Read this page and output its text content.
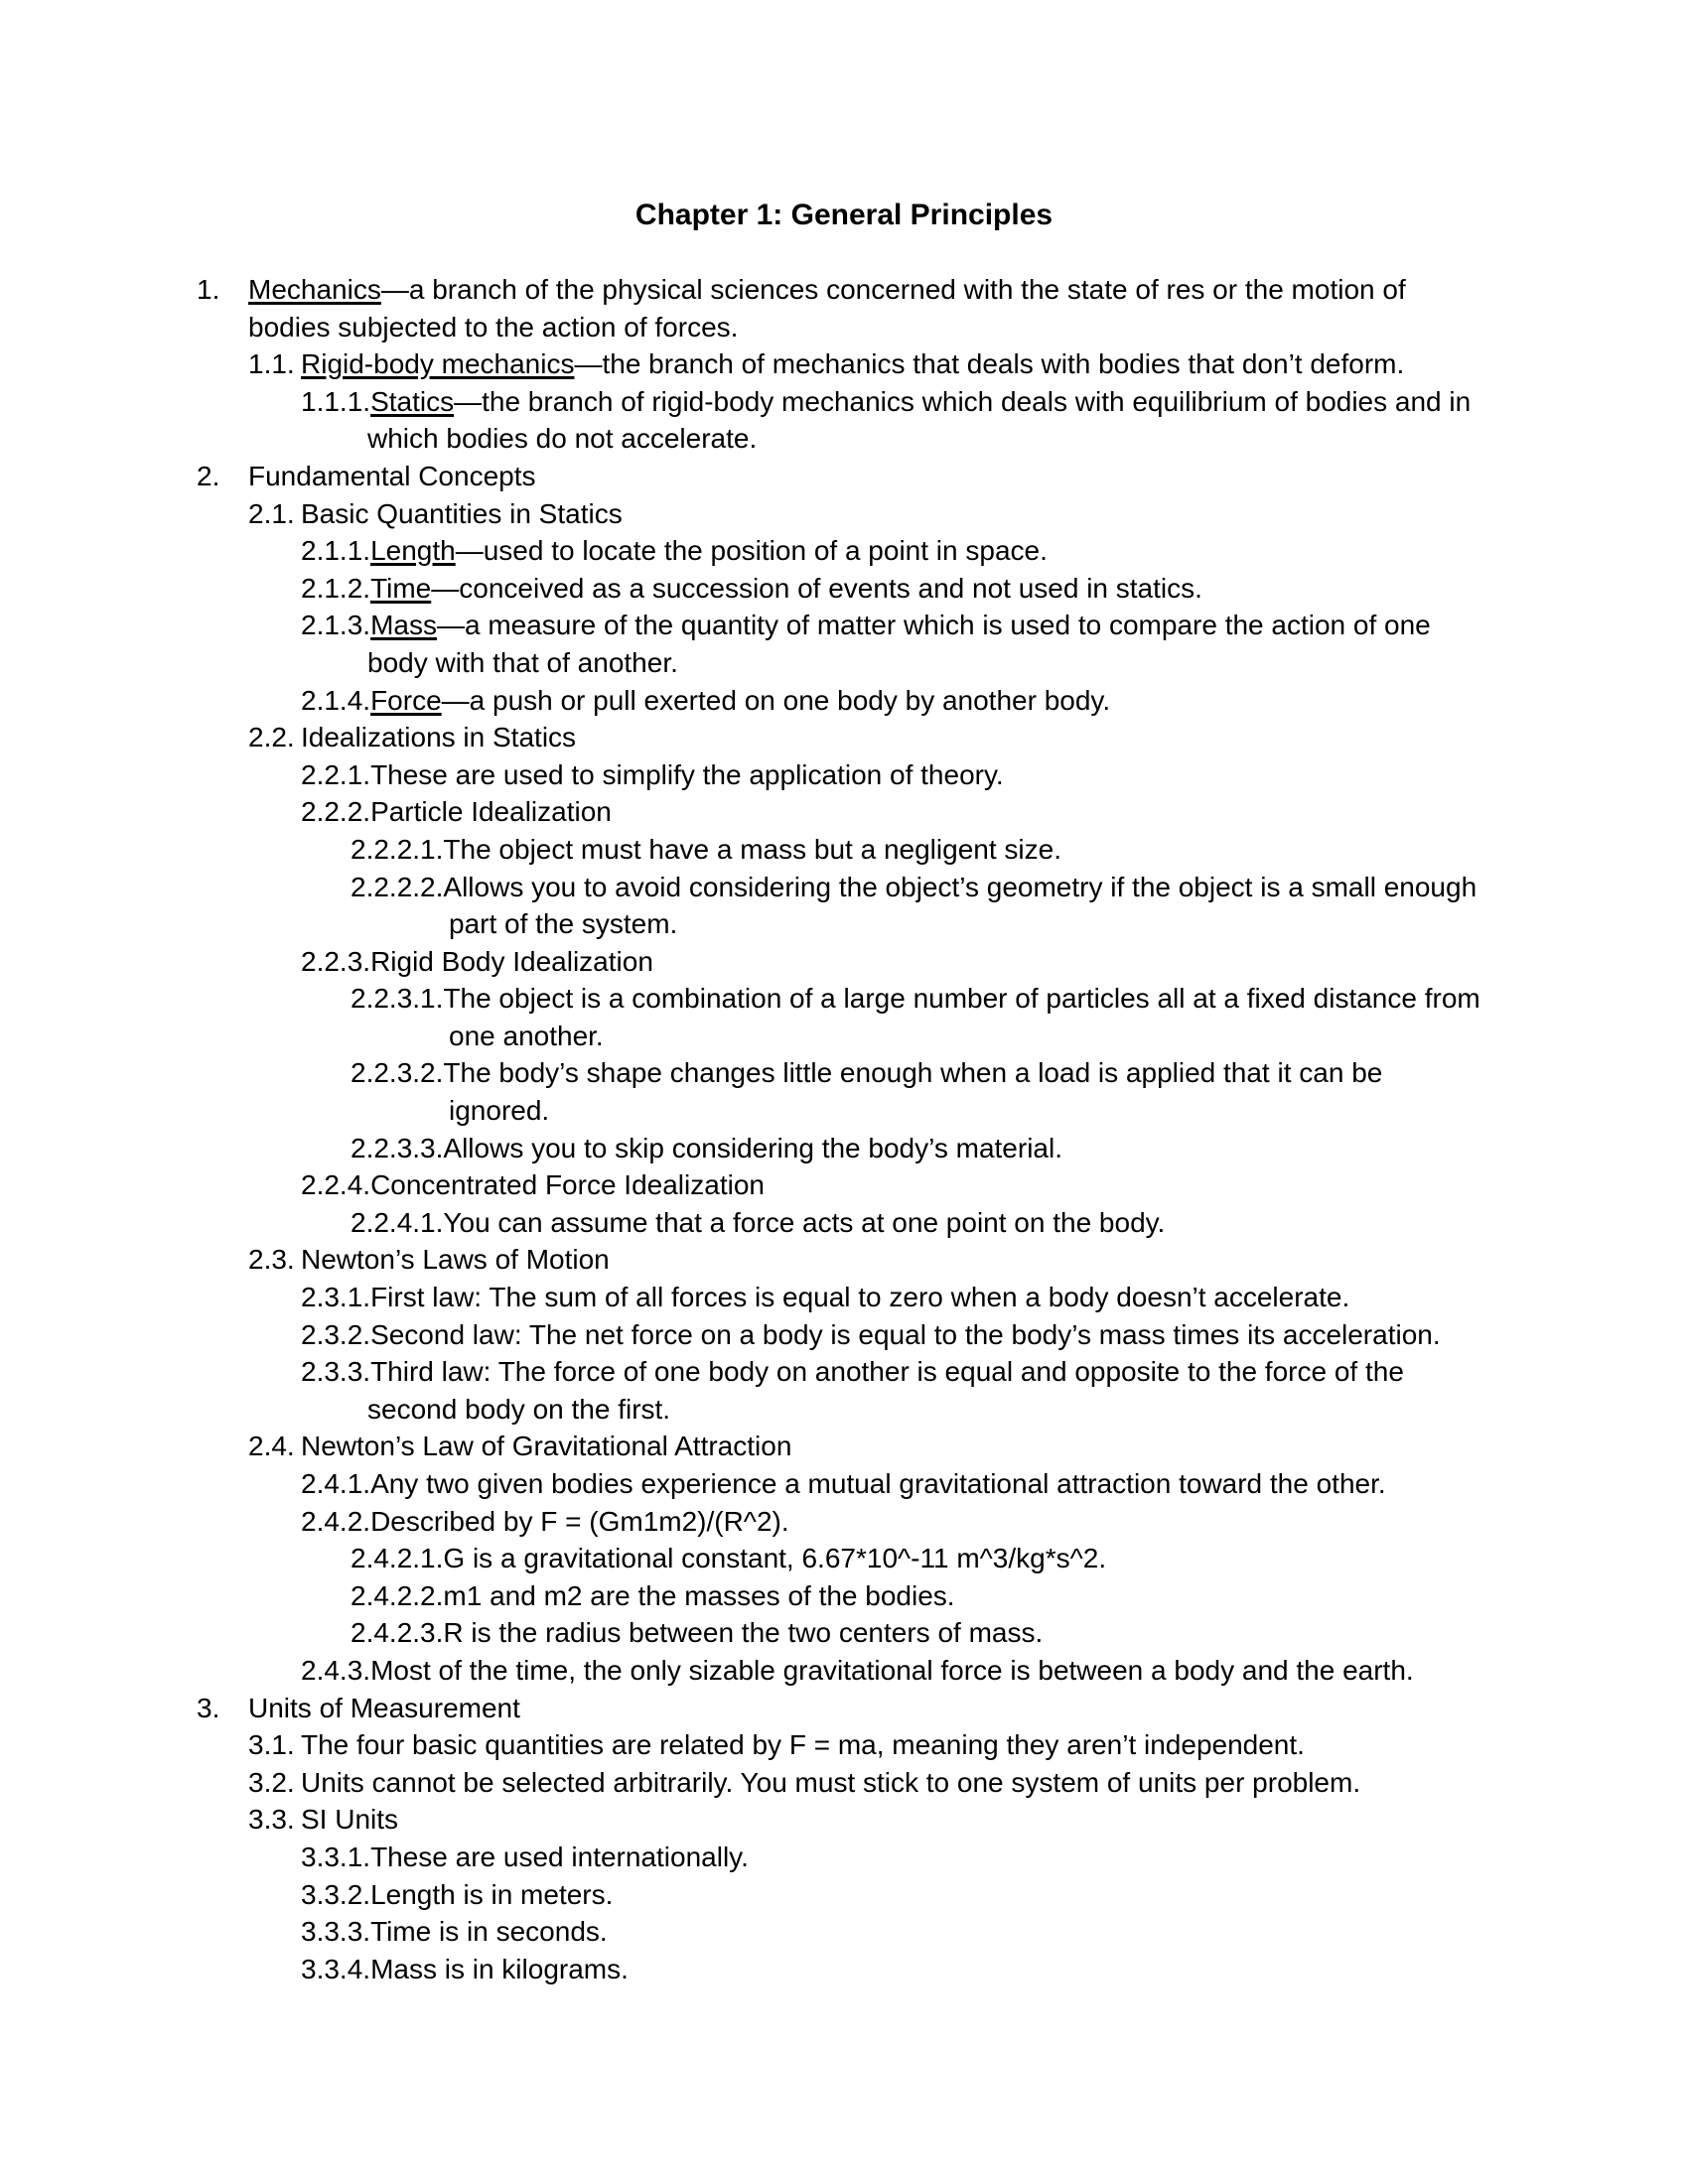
Chapter 1: General Principles
1. Mechanics—a branch of the physical sciences concerned with the state of res or the motion of
bodies subjected to the action of forces.
1.1. Rigid-body mechanics—the branch of mechanics that deals with bodies that don’t deform.
1.1.1.Statics—the branch of rigid-body mechanics which deals with equilibrium of bodies and in
which bodies do not accelerate.
2. Fundamental Concepts
2.1. Basic Quantities in Statics
2.1.1.Length—used to locate the position of a point in space.
2.1.2.Time—conceived as a succession of events and not used in statics.
2.1.3.Mass—a measure of the quantity of matter which is used to compare the action of one
body with that of another.
2.1.4.Force—a push or pull exerted on one body by another body.
2.2. Idealizations in Statics
2.2.1.These are used to simplify the application of theory.
2.2.2.Particle Idealization
2.2.2.1.The object must have a mass but a negligent size.
2.2.2.2.Allows you to avoid considering the object’s geometry if the object is a small enough
part of the system.
2.2.3.Rigid Body Idealization
2.2.3.1.The object is a combination of a large number of particles all at a fixed distance from
one another.
2.2.3.2.The body’s shape changes little enough when a load is applied that it can be
ignored.
2.2.3.3.Allows you to skip considering the body’s material.
2.2.4.Concentrated Force Idealization
2.2.4.1.You can assume that a force acts at one point on the body.
2.3. Newton’s Laws of Motion
2.3.1.First law: The sum of all forces is equal to zero when a body doesn’t accelerate.
2.3.2.Second law: The net force on a body is equal to the body’s mass times its acceleration.
2.3.3.Third law: The force of one body on another is equal and opposite to the force of the
second body on the first.
2.4. Newton’s Law of Gravitational Attraction
2.4.1.Any two given bodies experience a mutual gravitational attraction toward the other.
2.4.2.Described by F = (Gm1m2)/(R^2).
2.4.2.1.G is a gravitational constant, 6.67*10^-11 m^3/kg*s^2.
2.4.2.2.m1 and m2 are the masses of the bodies.
2.4.2.3.R is the radius between the two centers of mass.
2.4.3.Most of the time, the only sizable gravitational force is between a body and the earth.
3. Units of Measurement
3.1. The four basic quantities are related by F = ma, meaning they aren’t independent.
3.2. Units cannot be selected arbitrarily. You must stick to one system of units per problem.
3.3. SI Units
3.3.1.These are used internationally.
3.3.2.Length is in meters.
3.3.3.Time is in seconds.
3.3.4.Mass is in kilograms.
